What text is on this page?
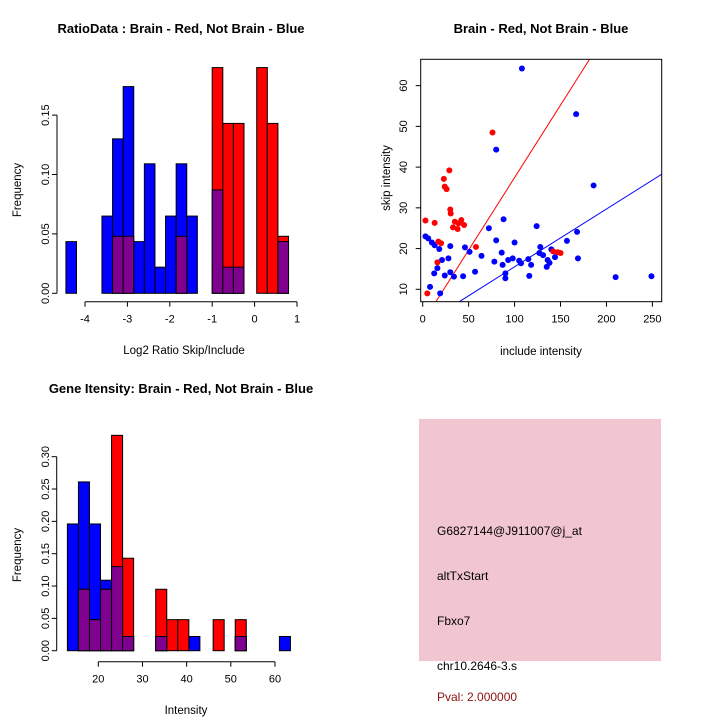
-4	-3	-2	-1	0	1
0.00
0.05
0.10
0.15
RatioData : Brain - Red, Not Brain - Blue
Log2 Ratio Skip/Include
Frequency
0	50	100	150	200	250
10
20
30
40
50
60
Brain - Red, Not Brain - Blue
include intensity
skip intensity
20	30	40	50	60
0.00
0.05
0.10
0.15
0.20
0.25
0.30
Gene Itensity: Brain - Red, Not Brain - Blue
Intensity
Frequency	G6827144@J911007@j_at
altTxStart
Fbxo7
chr10.2646-3.s
Pval: 2.000000
